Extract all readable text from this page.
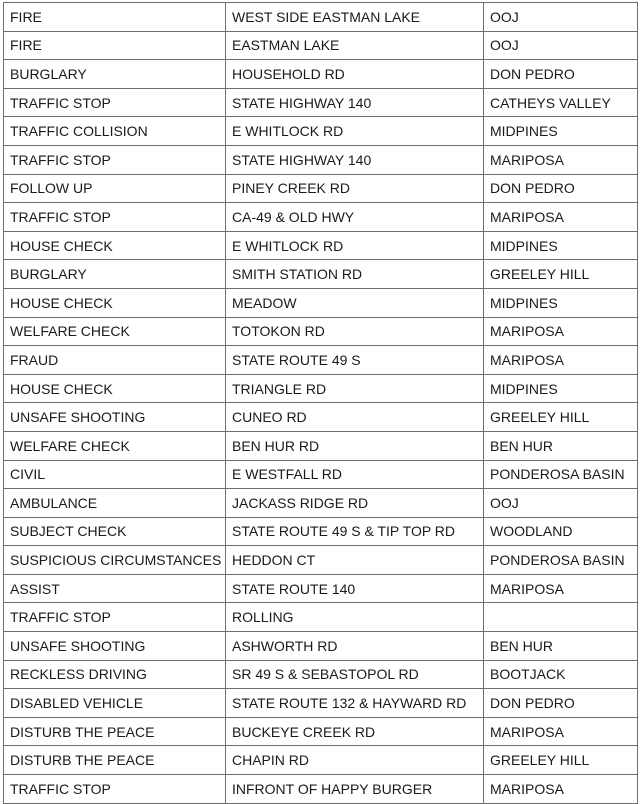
FIRE	WEST SIDE EASTMAN LAKE	OOJ
FIRE	EASTMAN LAKE	OOJ
BURGLARY	HOUSEHOLD RD	DON PEDRO
TRAFFIC STOP	STATE HIGHWAY 140	CATHEYS VALLEY
TRAFFIC COLLISION	E WHITLOCK RD	MIDPINES
TRAFFIC STOP	STATE HIGHWAY 140	MARIPOSA
FOLLOW UP	PINEY CREEK RD	DON PEDRO
TRAFFIC STOP	CA-49 & OLD HWY	MARIPOSA
HOUSE CHECK	E WHITLOCK RD	MIDPINES
BURGLARY	SMITH STATION RD	GREELEY HILL
HOUSE CHECK	MEADOW	MIDPINES
WELFARE CHECK	TOTOKON RD	MARIPOSA
FRAUD	STATE ROUTE 49 S	MARIPOSA
HOUSE CHECK	TRIANGLE RD	MIDPINES
UNSAFE SHOOTING	CUNEO RD	GREELEY HILL
WELFARE CHECK	BEN HUR RD	BEN HUR
CIVIL	E WESTFALL RD	PONDEROSA BASIN
AMBULANCE	JACKASS RIDGE RD	OOJ
SUBJECT CHECK	STATE ROUTE 49 S & TIP TOP RD	WOODLAND
SUSPICIOUS CIRCUMSTANCES	HEDDON CT	PONDEROSA BASIN
ASSIST	STATE ROUTE 140	MARIPOSA
TRAFFIC STOP	ROLLING	
UNSAFE SHOOTING	ASHWORTH RD	BEN HUR
RECKLESS DRIVING	SR 49 S & SEBASTOPOL RD	BOOTJACK
DISABLED VEHICLE	STATE ROUTE 132 & HAYWARD RD	DON PEDRO
DISTURB THE PEACE	BUCKEYE CREEK RD	MARIPOSA
DISTURB THE PEACE	CHAPIN RD	GREELEY HILL
TRAFFIC STOP	INFRONT OF HAPPY BURGER	MARIPOSA
